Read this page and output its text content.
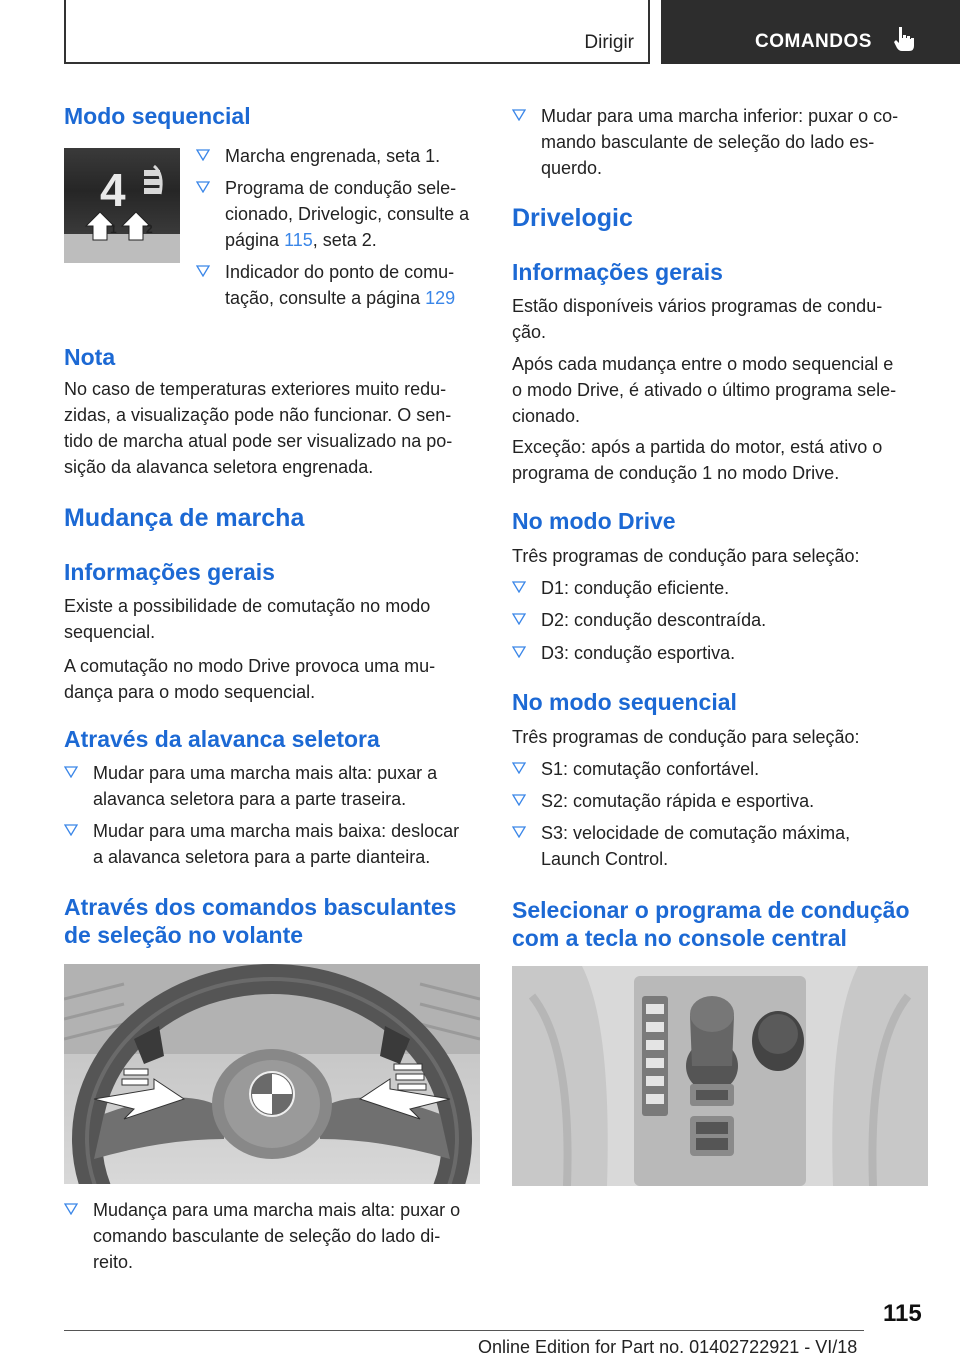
Dirigir	COMANDOS
Modo sequencial
4
1 2
Marcha engrenada, seta 1.
Programa de condução sele-
cionado, Drivelogic, consulte a
página 115, seta 2.
Indicador do ponto de comu-
tação, consulte a página 129
Nota
No caso de temperaturas exteriores muito redu-
zidas, a visualização pode não funcionar. O sen-
tido de marcha atual pode ser visualizado na po-
sição da alavanca seletora engrenada.
Mudança de marcha
Informações gerais
Existe a possibilidade de comutação no modo
sequencial.
A comutação no modo Drive provoca uma mu-
dança para o modo sequencial.
Através da alavanca seletora
Mudar para uma marcha mais alta: puxar a
alavanca seletora para a parte traseira.
Mudar para uma marcha mais baixa: deslocar
a alavanca seletora para a parte dianteira.
Através dos comandos basculantes
de seleção no volante
Mudança para uma marcha mais alta: puxar o
comando basculante de seleção do lado di-
reito.
Mudar para uma marcha inferior: puxar o co-
mando basculante de seleção do lado es-
querdo.
Drivelogic
Informações gerais
Estão disponíveis vários programas de condu-
ção.
Após cada mudança entre o modo sequencial e
o modo Drive, é ativado o último programa sele-
cionado.
Exceção: após a partida do motor, está ativo o
programa de condução 1 no modo Drive.
No modo Drive
Três programas de condução para seleção:
D1: condução eficiente.
D2: condução descontraída.
D3: condução esportiva.
No modo sequencial
Três programas de condução para seleção:
S1: comutação confortável.
S2: comutação rápida e esportiva.
S3: velocidade de comutação máxima,
Launch Control.
Selecionar o programa de condução
com a tecla no console central
115
Online Edition for Part no. 01402722921 - VI/18
